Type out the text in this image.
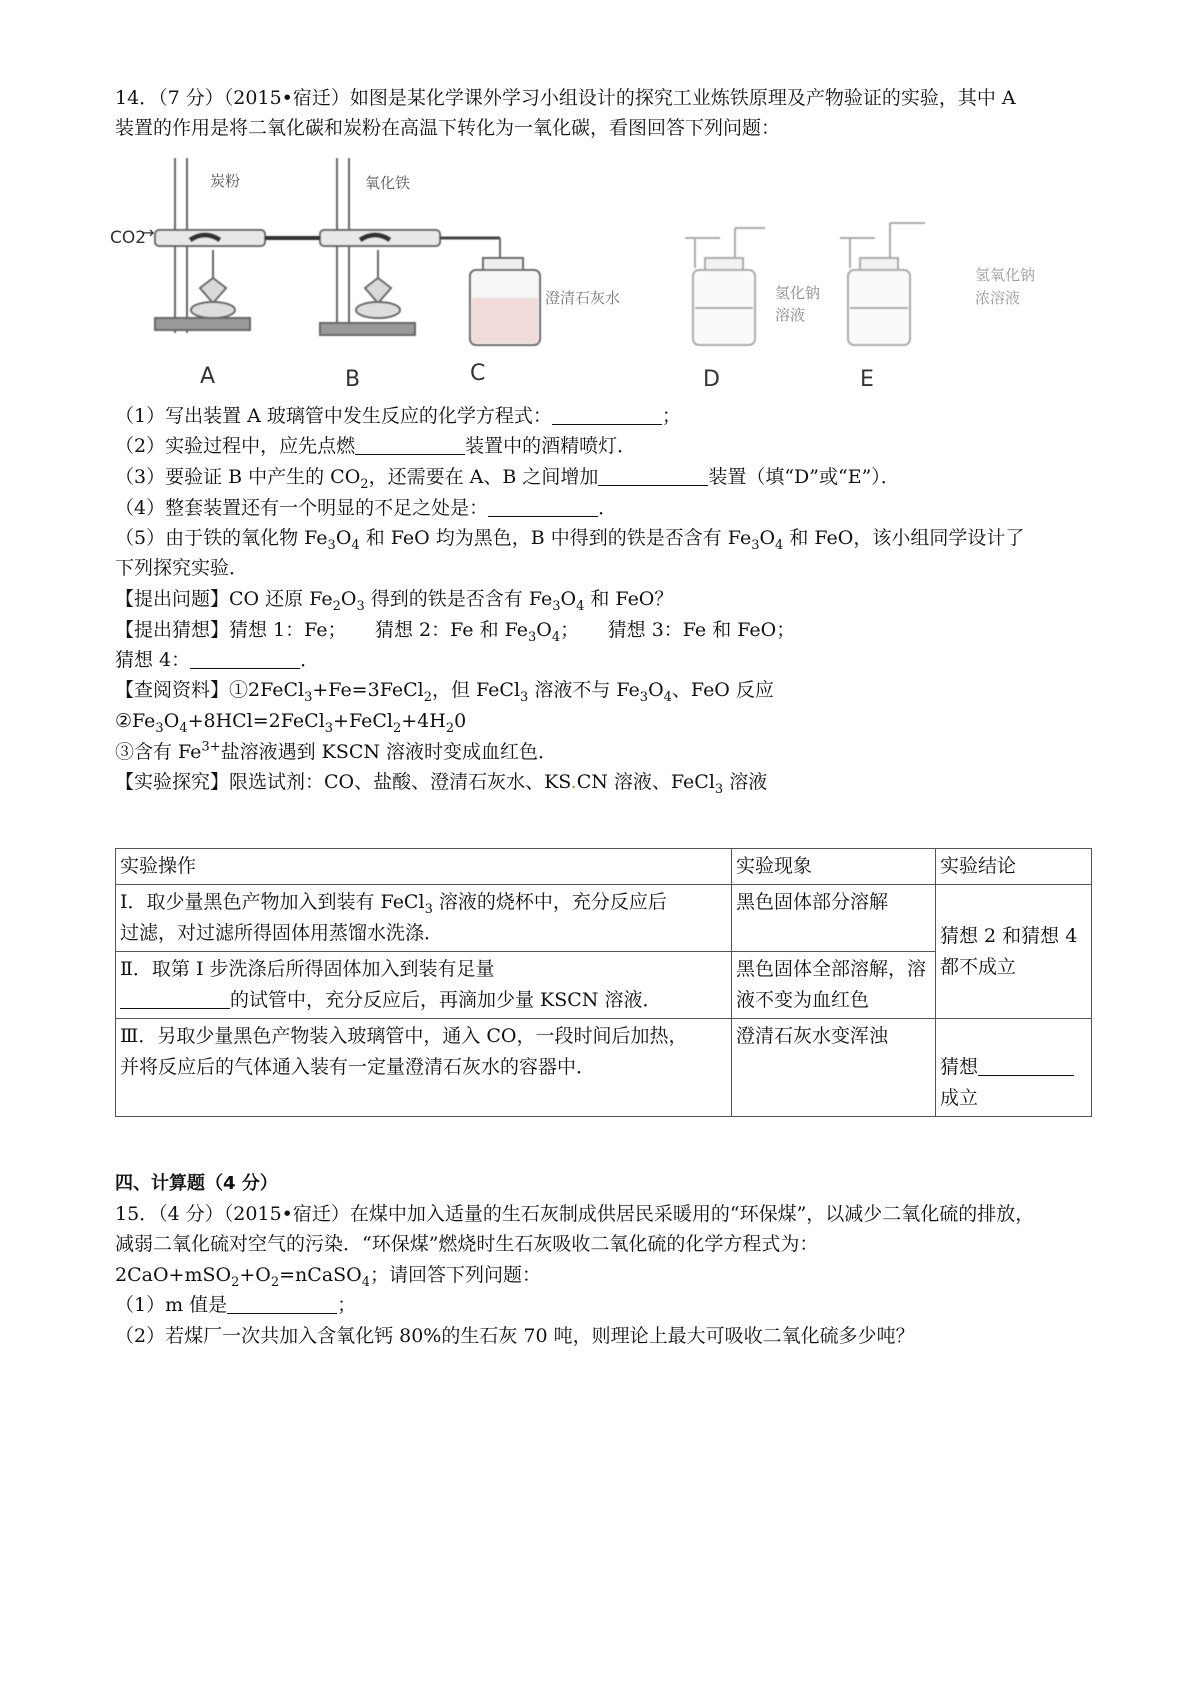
14．（7 分）（2015•宿迁）如图是某化学课外学习小组设计的探究工业炼铁原理及产物验证的实验，其中 A
装置的作用是将二氧化碳和炭粉在高温下转化为一氧化碳，看图回答下列问题：
CO2
→
炭粉	氧化铁
澄清石灰水	氢化钠
溶液
氢氧化钠
浓溶液
A	B	C	D	E
（1）写出装置 A 玻璃管中发生反应的化学方程式：	；
（2）实验过程中，应先点燃	装置中的酒精喷灯．
（3）要验证 B 中产生的 $CO_2$，还需要在 A、B 之间增加	装置（填“D”或“E”）．
（4）整套装置还有一个明显的不足之处是：	．
（5）由于铁的氧化物 $Fe_3O_4$ 和 FeO 均为黑色，B 中得到的铁是否含有 $Fe_3O_4$ 和 FeO，该小组同学设计了
下列探究实验．
【提出问题】CO 还原 $Fe_2O_3$ 得到的铁是否含有 $Fe_3O_4$ 和 FeO？
【提出猜想】猜想 1：Fe；　　猜想 2：Fe 和 $Fe_3O_4$；　　猜想 3：Fe 和 FeO；
猜想 4：	．
【查阅资料】①2FeCl$_3$+Fe=3FeCl$_2$，但 FeCl$_3$ 溶液不与 $Fe_3O_4$、FeO 反应
$②Fe_3O_4+8HCl=2FeCl_3+FeCl_2+4H_20$
③含有 $Fe^{3+}$盐溶液遇到 KSCN 溶液时变成血红色．
【实验探究】限选试剂：CO、盐酸、澄清石灰水、KS.CN 溶液、FeCl$_3$ 溶液
实验操作	实验现象	实验结论

Ⅰ．取少量黑色产物加入到装有 FeCl$_3$ 溶液的烧杯中，充分反应后
过滤，对过滤所得固体用蒸馏水洗涤．	黑色固体部分溶解	猜想 2 和猜想 4
都不成立

Ⅱ．取第 I 步洗涤后所得固体加入到装有足量
的试管中，充分反应后，再滴加少量 KSCN 溶液．	黑色固体全部溶解，溶
液不变为血红色	

Ⅲ．另取少量黑色产物装入玻璃管中，通入 CO，一段时间后加热，
并将反应后的气体通入装有一定量澄清石灰水的容器中．	澄清石灰水变浑浊	猜想
成立
四、计算题（4 分）
15．（4 分）（2015•宿迁）在煤中加入适量的生石灰制成供居民采暖用的“环保煤”，以减少二氧化硫的排放，
减弱二氧化硫对空气的污染．“环保煤”燃烧时生石灰吸收二氧化硫的化学方程式为：
$2CaO+mSO_2+O_2=nCaSO_4$；请回答下列问题：
（1）m 值是	；
（2）若煤厂一次共加入含氧化钙 80%的生石灰 70 吨，则理论上最大可吸收二氧化硫多少吨？
